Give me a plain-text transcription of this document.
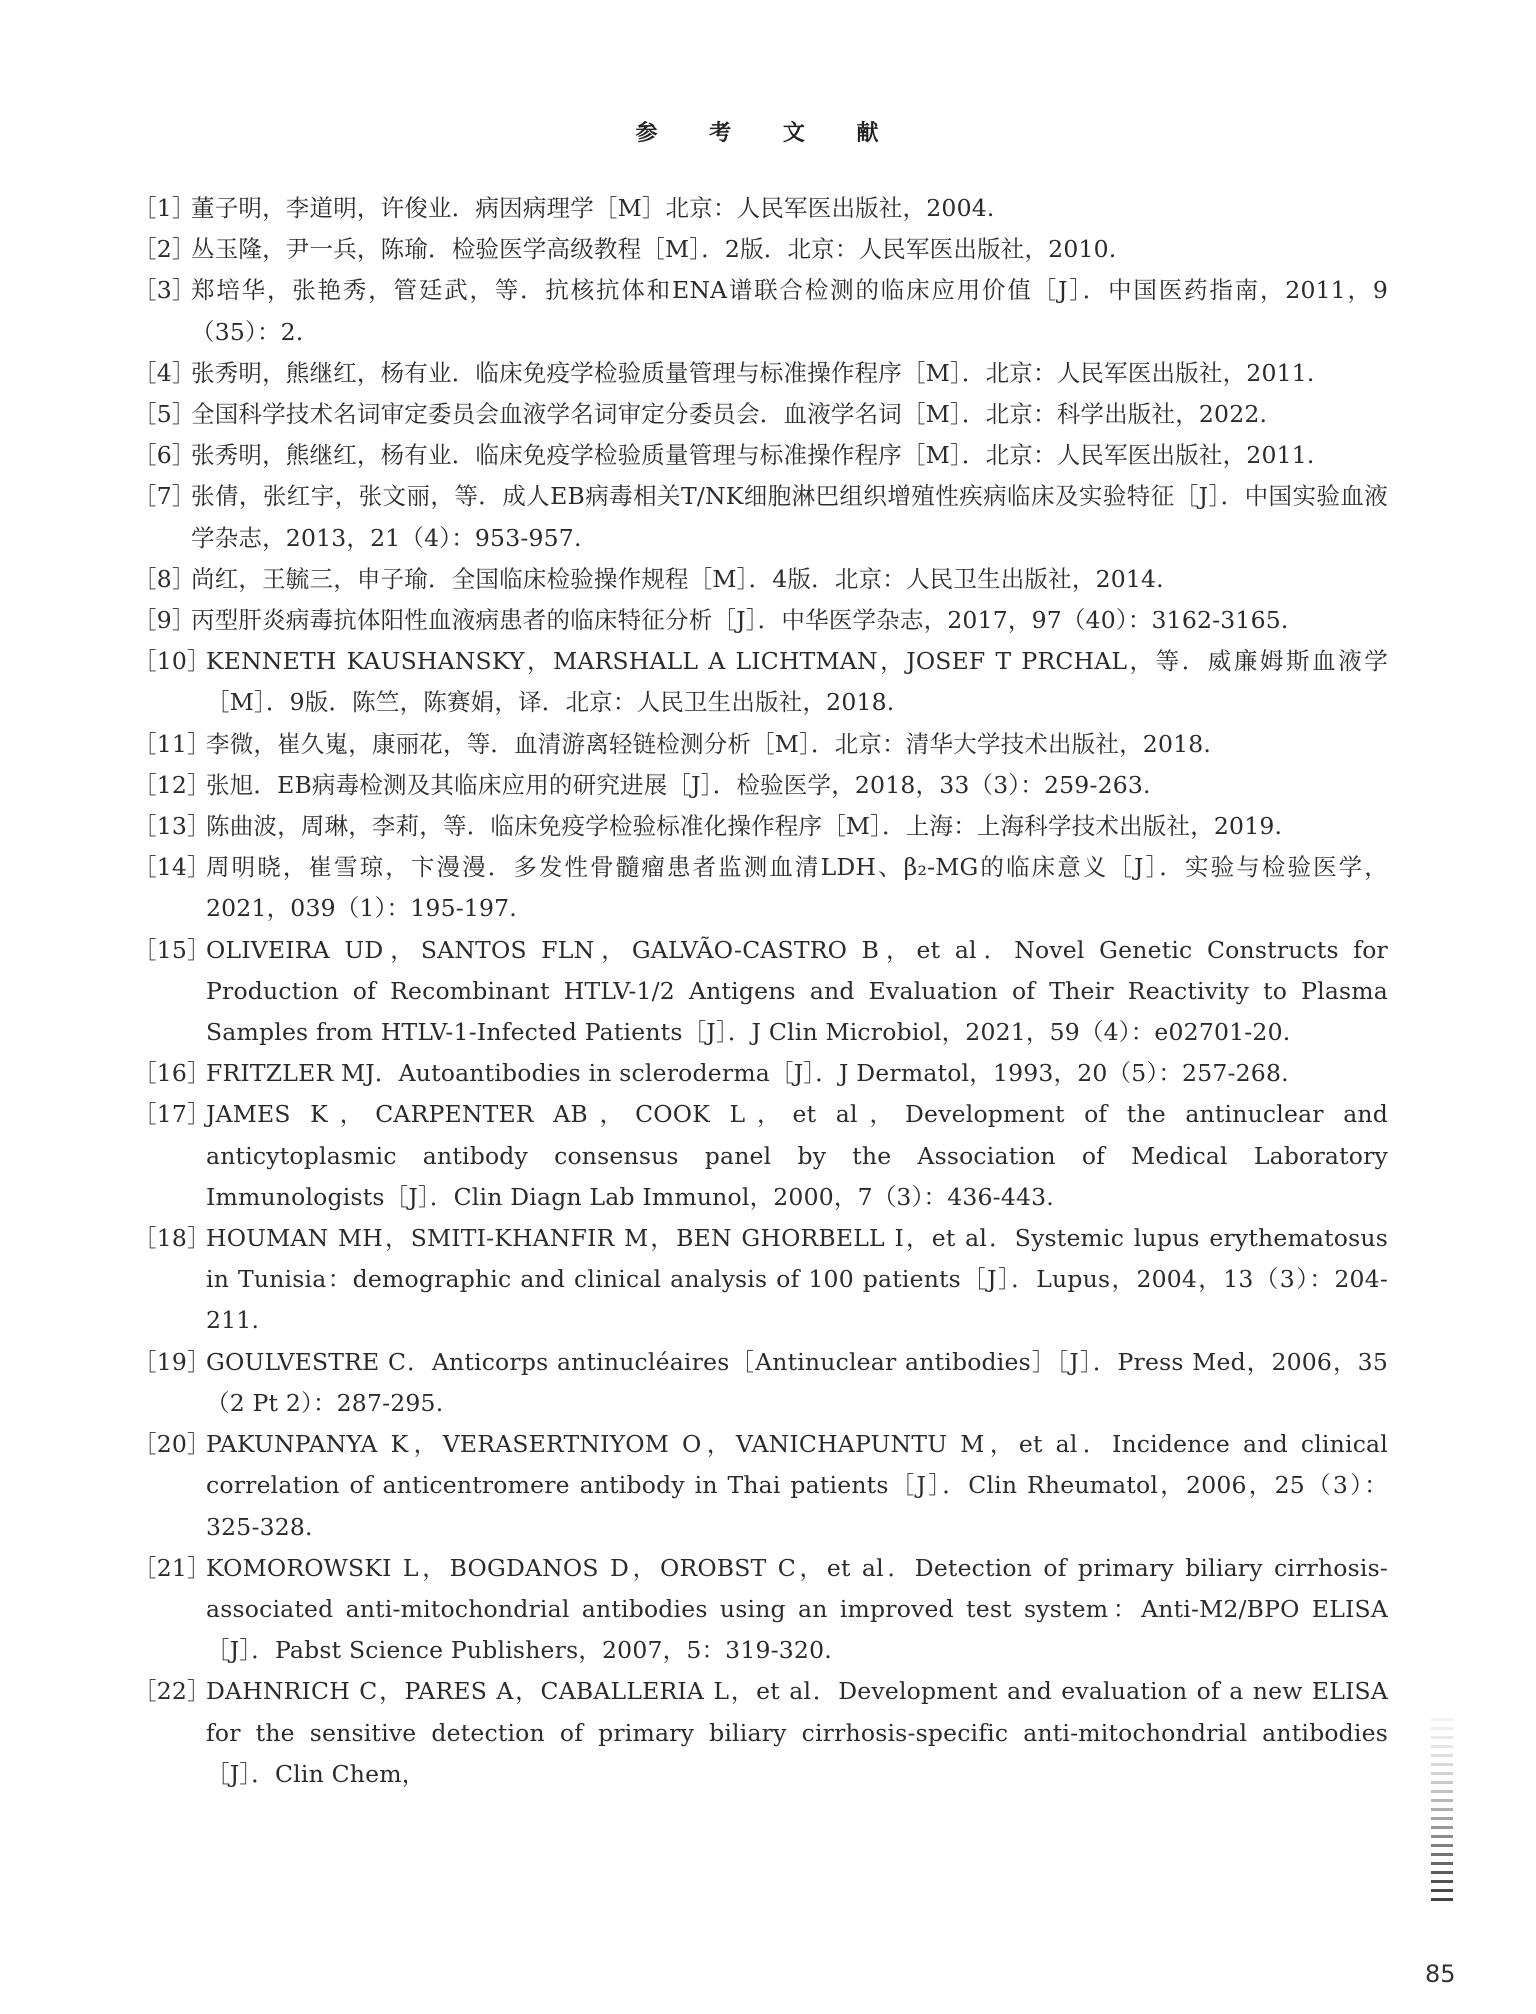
参 考 文 献
［1］
董子明，李道明，许俊业．病因病理学［M］北京：人民军医出版社，2004.
［2］
丛玉隆，尹一兵，陈瑜．检验医学高级教程［M］．2版．北京：人民军医出版社，2010.
［3］
郑培华，张艳秀，管廷武，等．抗核抗体和ENA谱联合检测的临床应用价值［J］．中国医药指南，2011，9（35）：2.
［4］
张秀明，熊继红，杨有业．临床免疫学检验质量管理与标准操作程序［M］．北京：人民军医出版社，2011.
［5］
全国科学技术名词审定委员会血液学名词审定分委员会．血液学名词［M］．北京：科学出版社，2022.
［6］
张秀明，熊继红，杨有业．临床免疫学检验质量管理与标准操作程序［M］．北京：人民军医出版社，2011.
［7］
张倩，张红宇，张文丽，等．成人EB病毒相关T/NK细胞淋巴组织增殖性疾病临床及实验特征［J］．中国实验血液学杂志，2013，21（4）：953-957.
［8］
尚红，王毓三，申子瑜．全国临床检验操作规程［M］．4版．北京：人民卫生出版社，2014.
［9］
丙型肝炎病毒抗体阳性血液病患者的临床特征分析［J］．中华医学杂志，2017，97（40）：3162-3165.
［10］
KENNETH KAUSHANSKY，MARSHALL A LICHTMAN，JOSEF T PRCHAL，等．威廉姆斯血液学［M］．9版．陈竺，陈赛娟，译．北京：人民卫生出版社，2018.
［11］
李微，崔久嵬，康丽花，等．血清游离轻链检测分析［M］．北京：清华大学技术出版社，2018.
［12］
张旭．EB病毒检测及其临床应用的研究进展［J］．检验医学，2018，33（3）：259-263.
［13］
陈曲波，周琳，李莉，等．临床免疫学检验标准化操作程序［M］．上海：上海科学技术出版社，2019.
［14］
周明晓，崔雪琼，卞漫漫．多发性骨髓瘤患者监测血清LDH、β₂-MG的临床意义［J］．实验与检验医学，2021，039（1）：195-197.
［15］
OLIVEIRA UD，SANTOS FLN，GALVÃO-CASTRO B，et al．Novel Genetic Constructs for Production of Recombinant HTLV-1/2 Antigens and Evaluation of Their Reactivity to Plasma Samples from HTLV-1-Infected Patients［J］．J Clin Microbiol，2021，59（4）：e02701-20.
［16］
FRITZLER MJ．Autoantibodies in scleroderma［J］．J Dermatol，1993，20（5）：257-268.
［17］
JAMES K，CARPENTER AB，COOK L，et al，Development of the antinuclear and anticytoplasmic antibody consensus panel by the Association of Medical Laboratory Immunologists［J］．Clin Diagn Lab Immunol，2000，7（3）：436-443.
［18］
HOUMAN MH，SMITI-KHANFIR M，BEN GHORBELL I，et al．Systemic lupus erythematosus in Tunisia：demographic and clinical analysis of 100 patients［J］．Lupus，2004，13（3）：204-211.
［19］
GOULVESTRE C．Anticorps antinucléaires［Antinuclear antibodies］［J］．Press Med，2006，35（2 Pt 2）：287-295.
［20］
PAKUNPANYA K，VERASERTNIYOM O，VANICHAPUNTU M，et al．Incidence and clinical correlation of anticentromere antibody in Thai patients［J］．Clin Rheumatol，2006，25（3）：325-328.
［21］
KOMOROWSKI L，BOGDANOS D，OROBST C，et al．Detection of primary biliary cirrhosis-associated anti-mitochondrial antibodies using an improved test system：Anti-M2/BPO ELISA［J］．Pabst Science Publishers，2007，5：319-320.
［22］
DAHNRICH C，PARES A，CABALLERIA L，et al．Development and evaluation of a new ELISA for the sensitive detection of primary biliary cirrhosis-specific anti-mitochondrial antibodies［J］．Clin Chem，
85
